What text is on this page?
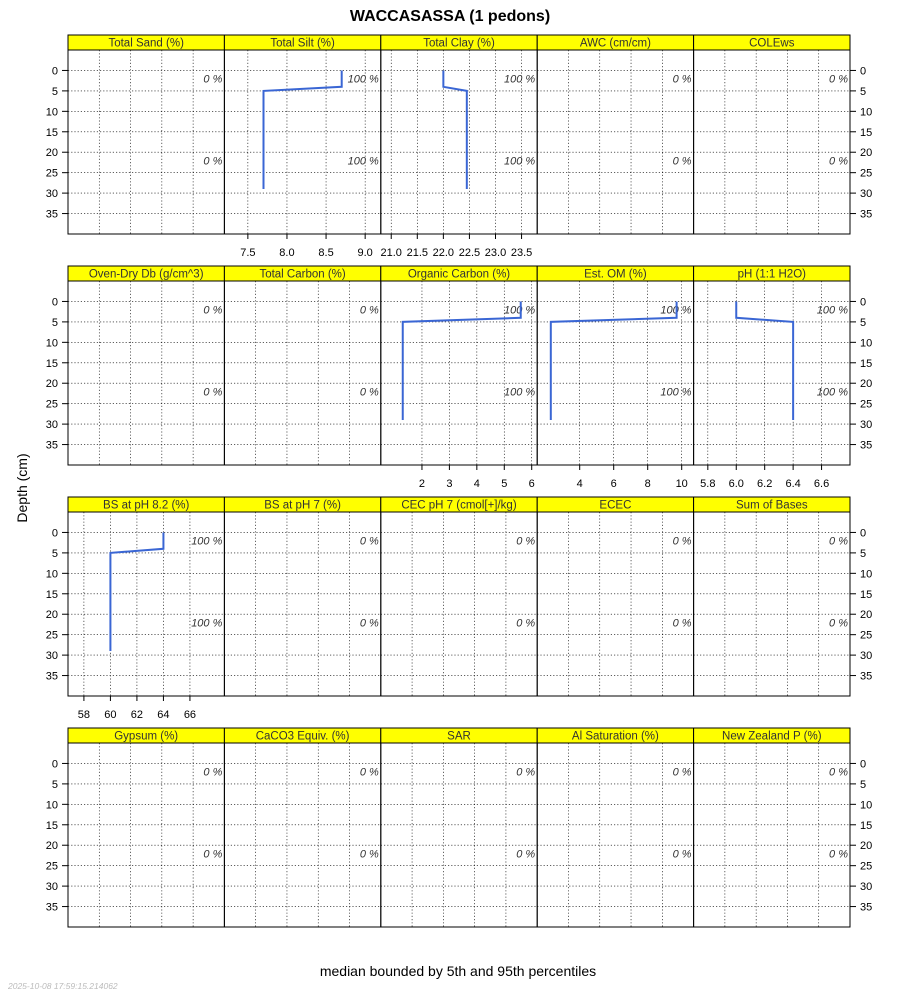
WACCASASSA (1 pedons)
Depth (cm)
median bounded by 5th and 95th percentiles
2025-10-08 17:59:15.214062
Total Sand (%)
0 %
0 %
Total Silt (%)
100 %
100 %
7.5 8.0 8.5 9.0
Total Clay (%)
100 %
100 %
21.0 21.5 22.0 22.5 23.0 23.5
AWC (cm/cm)
0 %
0 %
COLEws
0 %
0 %
0	0
5	5
10	10
15	15
20	20
25	25
30	30
35	35
Oven-Dry Db (g/cm^3)
0 %
0 %
Total Carbon (%)
0 %
0 %
Organic Carbon (%)
100 %
100 %
2 3 4 5 6
Est. OM (%)
100 %
100 %
4	6	8 10
pH (1:1 H2O)
100 %
100 %
5.8 6.0 6.2 6.4 6.6
0	0
5	5
10	10
15	15
20	20
25	25
30	30
35	35
BS at pH 8.2 (%)
100 %
100 %
58 60 62 64 66
BS at pH 7 (%)
0 %
0 %
CEC pH 7 (cmol[+]/kg)
0 %
0 %
ECEC
0 %
0 %
Sum of Bases
0 %
0 %
0	0
5	5
10	10
15	15
20	20
25	25
30	30
35	35
Gypsum (%)
0 %
0 %
CaCO3 Equiv. (%)
0 %
0 %
SAR
0 %
0 %
Al Saturation (%)
0 %
0 %
New Zealand P (%)
0 %
0 %
0	0
5	5
10	10
15	15
20	20
25	25
30	30
35	35
